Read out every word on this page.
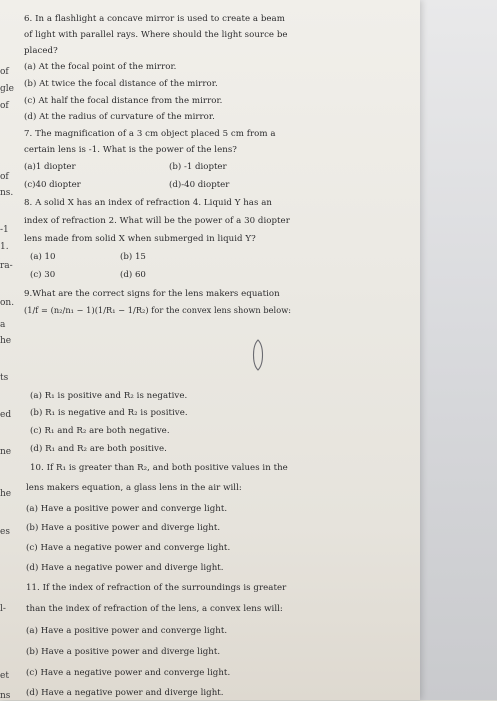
of
gle
of
of
ns.
-1
1.
ra-
on.
a
he
ts
ed
ne
he
es
l-
et
ns
6. In a flashlight a concave mirror is used to create a beam
of light with parallel rays. Where should the light source be
placed?
(a) At the focal point of the mirror.
(b) At twice the focal distance of the mirror.
(c) At half the focal distance from the mirror.
(d) At the radius of curvature of the mirror.
7. The magnification of a 3 cm object placed 5 cm from a
certain lens is -1. What is the power of the lens?
(a)1 diopter	(b) -1 diopter
(c)40 diopter	(d)-40 diopter
8. A solid X has an index of refraction 4. Liquid Y has an
index of refraction 2. What will be the power of a 30 diopter
lens made from solid X when submerged in liquid Y?
(a) 10	(b) 15
(c) 30	(d) 60
9.What are the correct signs for the lens makers equation
(1/f = (n₂/n₁ − 1)(1/R₁ − 1/R₂) for the convex lens shown below:
(a) R₁ is positive and R₂ is negative.
(b) R₁ is negative and R₂ is positive.
(c) R₁ and R₂ are both negative.
(d) R₁ and R₂ are both positive.
10. If R₁ is greater than R₂, and both positive values in the
lens makers equation, a glass lens in the air will:
(a) Have a positive power and converge light.
(b) Have a positive power and diverge light.
(c) Have a negative power and converge light.
(d) Have a negative power and diverge light.
11. If the index of refraction of the surroundings is greater
than the index of refraction of the lens, a convex lens will:
(a) Have a positive power and converge light.
(b) Have a positive power and diverge light.
(c) Have a negative power and converge light.
(d) Have a negative power and diverge light.
